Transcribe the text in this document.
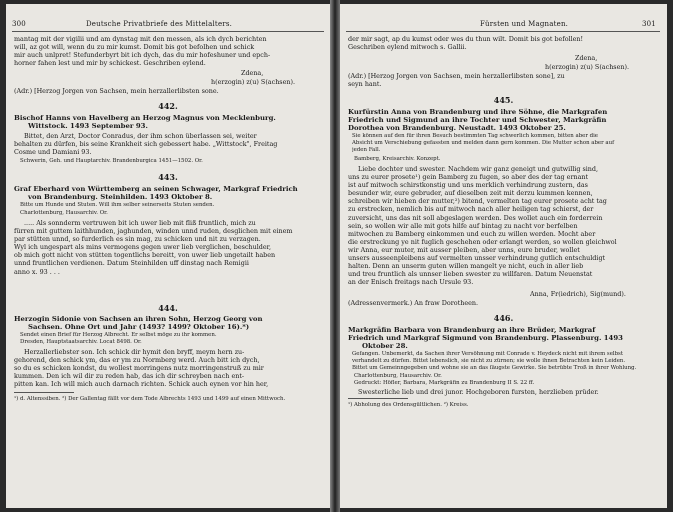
300	Deutsche Privatbriefe des Mittelalters.
mantag mit der vigilii und am dynstag mit den messen, als ich dych berichten
will, az got will, wenn du zu mir kumst. Domit bis got befolhen und schick
mir auch unlpret! Stefunderbyrt bit ich dych, das du mir hofeshuner und epch-
horner fahen lest und mir by schickest. Geschriben eylend.
Zdena,
h(erzogin) z(u) S(achsen).
(Adr.) [Herzog Jorgen von Sachsen, mein herzallerlibsten sone.
442.
Bischof Hanns von Havelberg an Herzog Magnus von Mecklenburg.
Wittstock. 1493 September 93.
Bittet, den Arzt, Doctor Conradus, der ihm schon überlassen sei, weiter
behalten zu dürfen, bis seine Krankheit sich gebessert habe. „Wittstock", Freitag
Cosme und Damiani 93.
Schwerin, Geh. und Hauptarchiv. Brandenburgica 1451—1502. Or.
443.
Graf Eberhard von Württemberg an seinen Schwager, Markgraf Friedrich
von Brandenburg. Steinhilden. 1493 Oktober 8.
Bitte um Hunde und Stuten. Will ihm selber seinerseits Stuten senden.
Charlottenburg, Hausarchiv. Or.
..... Als sonnderm vertruwen bit ich uwer lieb mit fliß fruntlich, mich zu
fürren mit guttem laithhunden, jaghunden, winden unnd ruden, desglichen mit einem
par stütten unnd, so furderlich es sin mag, zu schicken und nit zu verzagen.
Wyl ich ungespart als mins vermogens gegen uwer lieb verglichen, beschulder,
ob mich gott nicht von stütten togentlichs bereitt, von uwer lieb ungetailt haben
unnd fruntlichen verdienen. Datum Steinhilden uff dinstag nach Remigii
anno x. 93 . . .
444.
Herzogin Sidonie von Sachsen an ihren Sohn, Herzog Georg von
Sachsen. Ohne Ort und Jahr (1493? 1499? Oktober 16).*)
Sendet einen Brief für Herzog Albrecht. Er selbst möge zu ihr kommen.
Dresden, Hauptstaatsarchiv. Locat 8498. Or.
Herzallerliebster son. Ich schick dir hymit den bryff, meym hern zu-
gehorend, den schick ym, das er ym zu Normberg werd. Auch bitt ich dych,
so du es schicken kondst, du wollest morringens nutz morringenstruß zu mir
kummen. Den ich wil dir zu reden hab, das ich dir schreyben nach ent-
pitten kan. Ich will mich auch darnach richten. Schick auch eynen vor hin her,
¹) d. Altenssiben. ²) Der Gallentag fällt vor dem Tode Albrechts 1493 und 1499 auf einen Mittwoch.
Fürsten und Magnaten.	301
der mir sagt, ap du kumst oder wes du thun wilt. Domit bis got befollen!
Geschriben eylend mitwoch s. Gallii.
Zdena,
h(erzogin) z(u) S(achsen).
(Adr.) [Herzog Jorgen von Sachsen, mein herzallerlibsten sone], zu
seyn hant.
445.
Kurfürstin Anna von Brandenburg und ihre Söhne, die Markgrafen
Friedrich und Sigmund an ihre Tochter und Schwester, Markgräfin
Dorothea von Brandenburg. Neustadt. 1493 Oktober 25.
Sie können auf den für ihren Besuch bestimmten Tag schwerlich kommen, bitten aber die
Absicht um Verschiebung gefassten und melden dann gern kommen. Die Mutter schon aber auf
jeden Fall.
Bamberg, Kreisarchiv. Konzept.
Liebe dochter und swester. Nachdem wir ganz geneigt und gutwillig sind,
uns zu eurer prosete¹) gein Bamberg zu fugen, so aber des der tag ernant
ist auf mitwoch schirstkonstig und uns merklich verhindrung zustern, das
besunder wir, eure gebruder, auf dieselben zeit mit derzu kummen kennen,
schreiben wir hieben der mutter,²) bitend, vermelten tag eurer prosete acht tag
zu erstrecken, nemlich bis auf mitwoch nach aller heiligen tag schierst, der
zuversicht, uns das nit soll abgeslagen werden. Des wollet auch ein forderrein
sein, so wollen wir alle mit gots hilfe auf bintag zu nacht vor berfelben
mitwochen zu Bamberg einkommen und euch zu willen werden. Mocht aber
die erstreckung ye nit fuglich geschehen oder erlangt werden, so wollen gleichwol
wir Anna, eur muter, mit ausser pleiben, aber unns, eure bruder, wollet
unsers ausseenpleibens auf vermelten unsser verhindrung gutlich entschuldigt
halten. Denn an unserm guten willen mangelt ye nicht, euch in aller lieb
und treu fruntlich als unnser lieben swester zu willfaren. Datum Neuenstat
an der Enisch freitags nach Ursule 93.
Anna, Fr(iedrich), Sig(mund).
(Adressenvermerk.) An fraw Dorotheen.
446.
Markgräfin Barbara von Brandenburg an ihre Brüder, Markgraf
Friedrich und Markgraf Sigmund von Brandenburg. Plassenburg. 1493
Oktober 28.
Gefangen. Unbemerkt, da Sachen ihrer Versöhnung mit Conrade v. Heydeck nicht mit ihrem selbst
verhandelt zu dürfen. Bittet lebenslich, sie nicht zu zürnen; sie wolle ihnen Betrachten kein Leiden.
Bittet um Gemeinngegeben und wohne sie an das ſäugste Gewirke. Sie betrübte Troß in ihrer Wohlung.
Charlottenburg, Hausarchiv. Or.
Gedruckt: Höfler, Barbara, Markgräfin zu Brandenburg II S. 22 ff.
Swesterliche lieb und drei junor. Hochgeboren fursten, herzlieben prüder.
¹) Abholung des Ordensgültlichen. ²) Kreiss.
